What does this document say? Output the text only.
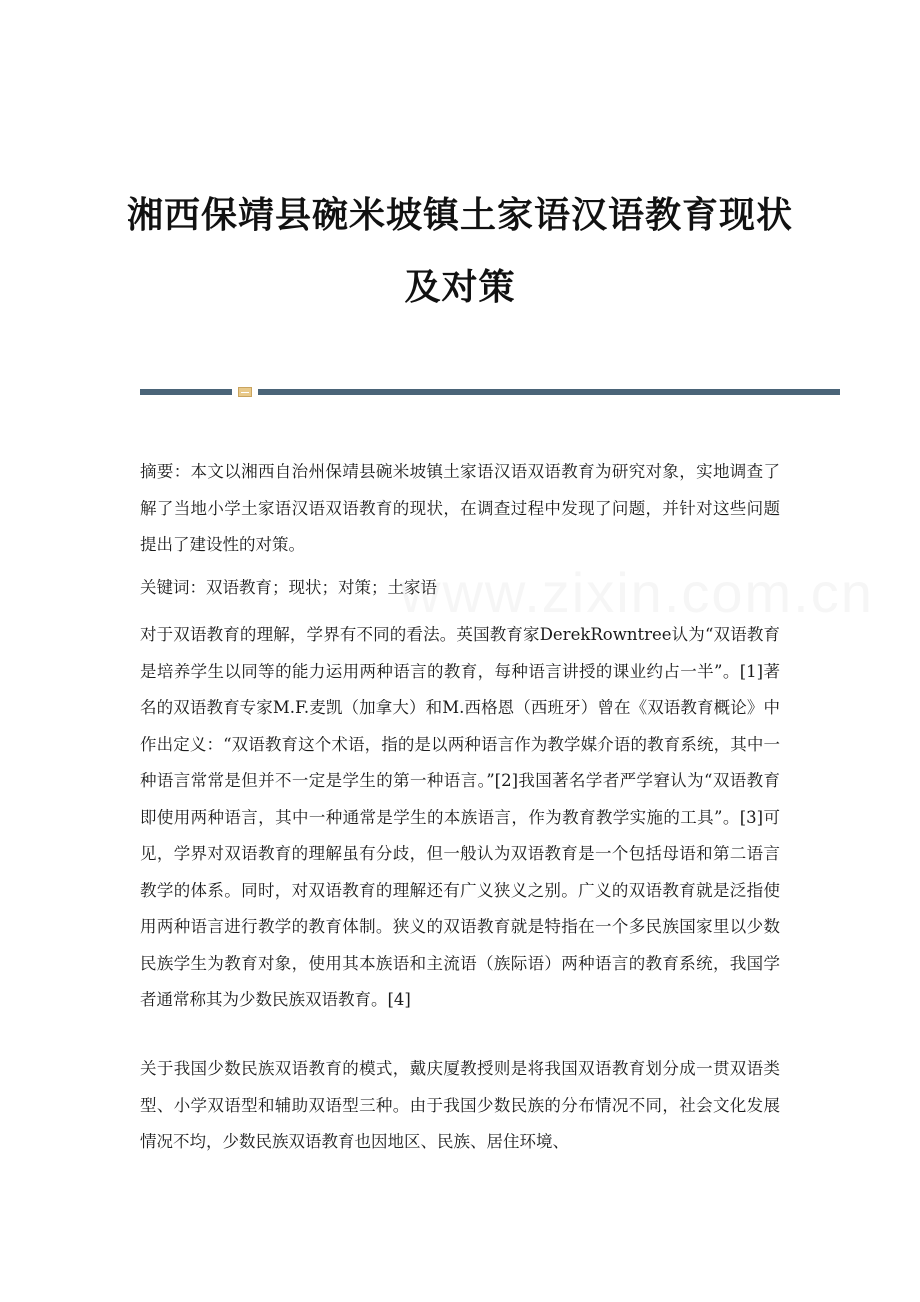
www.zixin.com.cn
湘西保靖县碗米坡镇土家语汉语教育现状及对策

摘要：本文以湘西自治州保靖县碗米坡镇土家语汉语双语教育为研究对象，实地调查了解了当地小学土家语汉语双语教育的现状，在调查过程中发现了问题，并针对这些问题提出了建设性的对策。

关键词：双语教育；现状；对策；土家语

对于双语教育的理解，学界有不同的看法。英国教育家DerekRowntree认为“双语教育是培养学生以同等的能力运用两种语言的教育，每种语言讲授的课业约占一半”。[1]著名的双语教育专家M.F.麦凯（加拿大）和M.西格恩（西班牙）曾在《双语教育概论》中作出定义：“双语教育这个术语，指的是以两种语言作为教学媒介语的教育系统，其中一种语言常常是但并不一定是学生的第一种语言。”[2]我国著名学者严学窘认为“双语教育即使用两种语言，其中一种通常是学生的本族语言，作为教育教学实施的工具”。[3]可见，学界对双语教育的理解虽有分歧，但一般认为双语教育是一个包括母语和第二语言教学的体系。同时，对双语教育的理解还有广义狭义之别。广义的双语教育就是泛指使用两种语言进行教学的教育体制。狭义的双语教育就是特指在一个多民族国家里以少数民族学生为教育对象，使用其本族语和主流语（族际语）两种语言的教育系统，我国学者通常称其为少数民族双语教育。[4]

关于我国少数民族双语教育的模式，戴庆厦教授则是将我国双语教育划分成一贯双语类型、小学双语型和辅助双语型三种。由于我国少数民族的分布情况不同，社会文化发展情况不均，少数民族双语教育也因地区、民族、居住环境、
